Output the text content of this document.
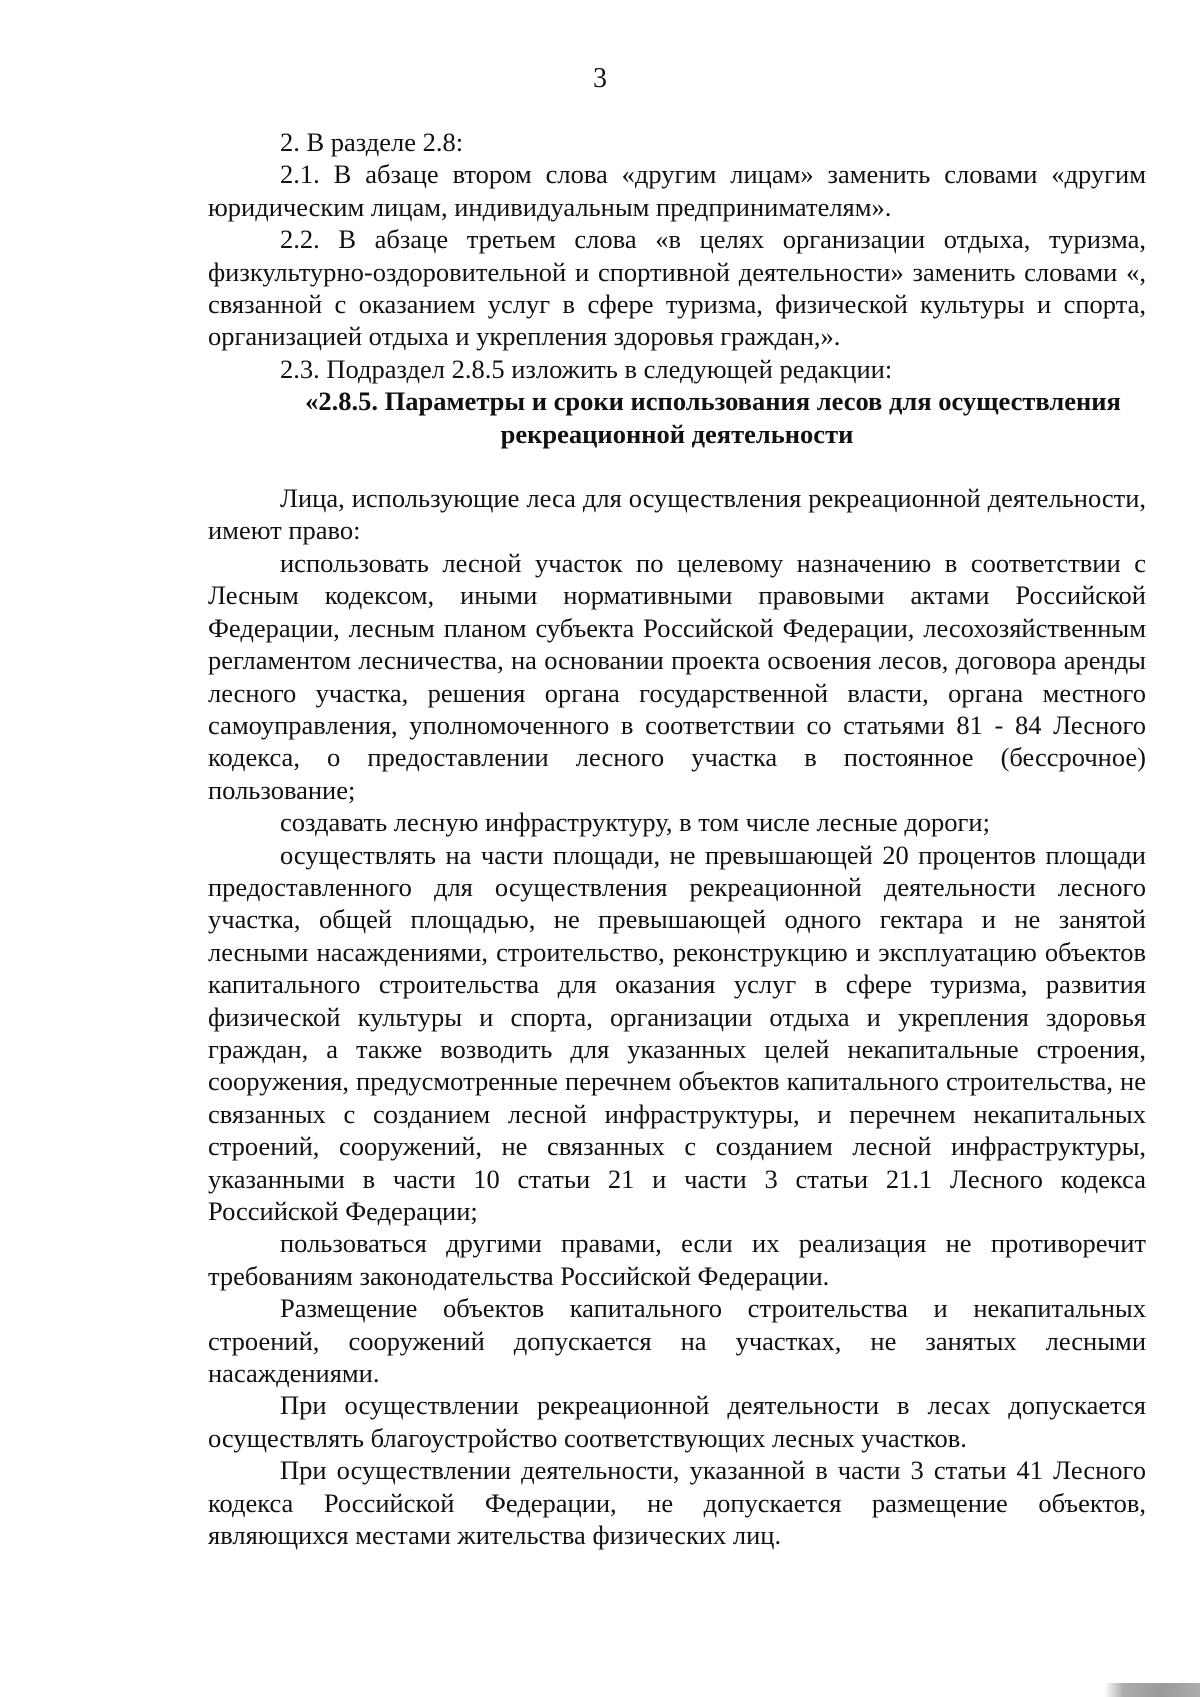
3

2. В разделе 2.8:

2.1. В абзаце втором слова «другим лицам» заменить словами «другим юридическим лицам, индивидуальным предпринимателям».

2.2. В абзаце третьем слова «в целях организации отдыха, туризма, физкультурно-оздоровительной и спортивной деятельности» заменить словами «, связанной с оказанием услуг в сфере туризма, физической культуры и спорта, организацией отдыха и укрепления здоровья граждан,».

2.3. Подраздел 2.8.5 изложить в следующей редакции:

«2.8.5. Параметры и сроки использования лесов для осуществления
рекреационной деятельности

Лица, использующие леса для осуществления рекреационной деятельности, имеют право:

использовать лесной участок по целевому назначению в соответствии с Лесным кодексом, иными нормативными правовыми актами Российской Федерации, лесным планом субъекта Российской Федерации, лесохозяйственным регламентом лесничества, на основании проекта освоения лесов, договора аренды лесного участка, решения органа государственной власти, органа местного самоуправления, уполномоченного в соответствии со статьями 81 - 84 Лесного кодекса, о предоставлении лесного участка в постоянное (бессрочное) пользование;

создавать лесную инфраструктуру, в том числе лесные дороги;

осуществлять на части площади, не превышающей 20 процентов площади предоставленного для осуществления рекреационной деятельности лесного участка, общей площадью, не превышающей одного гектара и не занятой лесными насаждениями, строительство, реконструкцию и эксплуатацию объектов капитального строительства для оказания услуг в сфере туризма, развития физической культуры и спорта, организации отдыха и укрепления здоровья граждан, а также возводить для указанных целей некапитальные строения, сооружения, предусмотренные перечнем объектов капитального строительства, не связанных с созданием лесной инфраструктуры, и перечнем некапитальных строений, сооружений, не связанных с созданием лесной инфраструктуры, указанными в части 10 статьи 21 и части 3 статьи 21.1 Лесного кодекса Российской Федерации;

пользоваться другими правами, если их реализация не противоречит требованиям законодательства Российской Федерации.

Размещение объектов капитального строительства и некапитальных строений, сооружений допускается на участках, не занятых лесными насаждениями.

При осуществлении рекреационной деятельности в лесах допускается осуществлять благоустройство соответствующих лесных участков.

При осуществлении деятельности, указанной в части 3 статьи 41 Лесного кодекса Российской Федерации, не допускается размещение объектов, являющихся местами жительства физических лиц.
